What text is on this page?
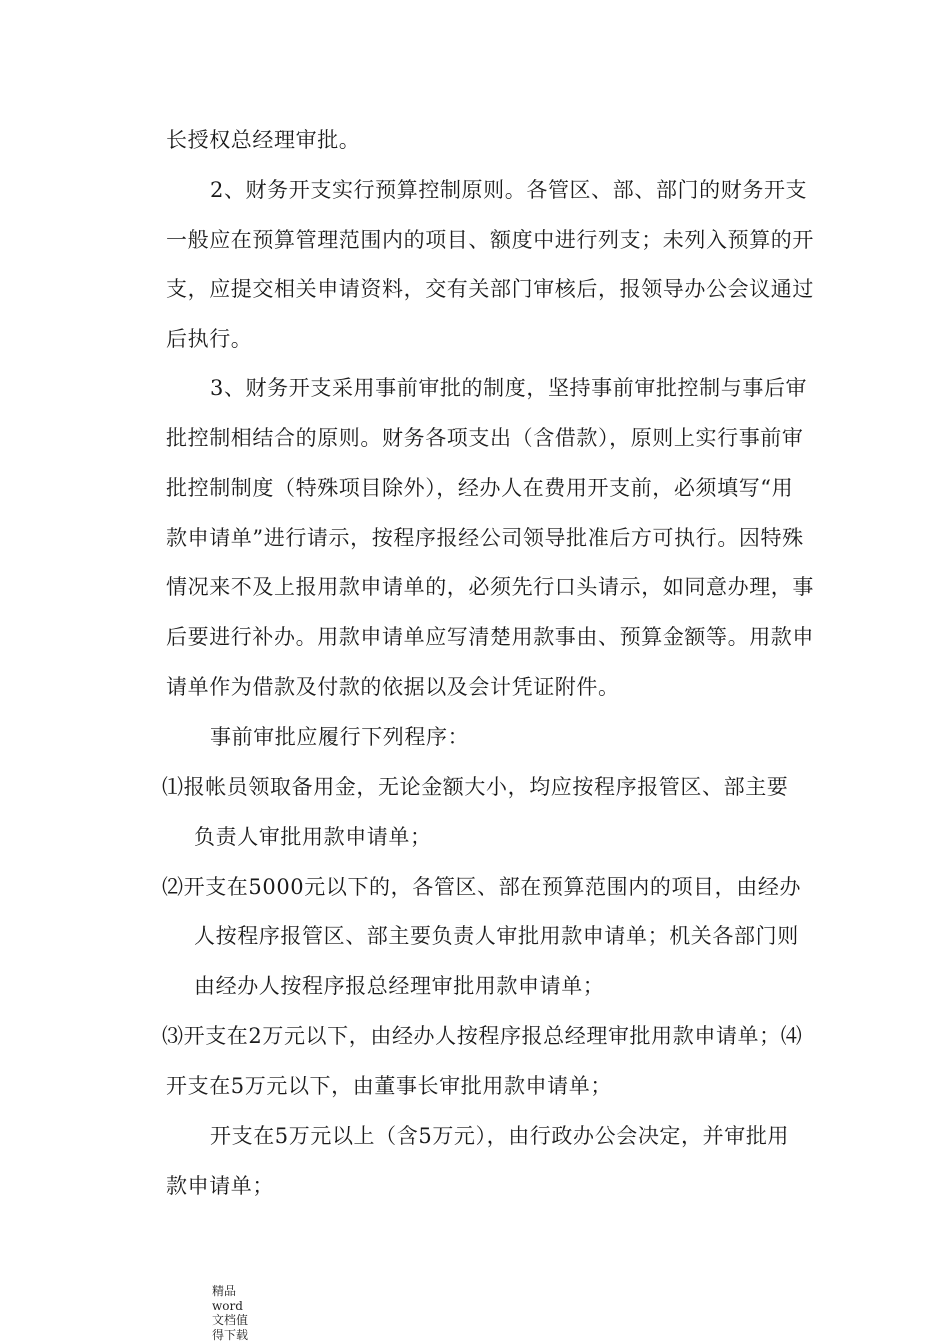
长授权总经理审批。
2、财务开支实行预算控制原则。各管区、部、部门的财务开支
一般应在预算管理范围内的项目、额度中进行列支；未列入预算的开
支，应提交相关申请资料，交有关部门审核后，报领导办公会议通过
后执行。
3、财务开支采用事前审批的制度，坚持事前审批控制与事后审
批控制相结合的原则。财务各项支出（含借款），原则上实行事前审
批控制制度（特殊项目除外），经办人在费用开支前，必须填写“用
款申请单”进行请示，按程序报经公司领导批准后方可执行。因特殊
情况来不及上报用款申请单的，必须先行口头请示，如同意办理，事
后要进行补办。用款申请单应写清楚用款事由、预算金额等。用款申
请单作为借款及付款的依据以及会计凭证附件。
事前审批应履行下列程序：
⑴报帐员领取备用金，无论金额大小，均应按程序报管区、部主要
负责人审批用款申请单；
⑵开支在5000元以下的，各管区、部在预算范围内的项目，由经办
人按程序报管区、部主要负责人审批用款申请单；机关各部门则
由经办人按程序报总经理审批用款申请单；
⑶开支在2万元以下，由经办人按程序报总经理审批用款申请单；⑷
开支在5万元以下，由董事长审批用款申请单；
开支在5万元以上（含5万元），由行政办公会决定，并审批用
款申请单；
精品
word
文档值
得下载
